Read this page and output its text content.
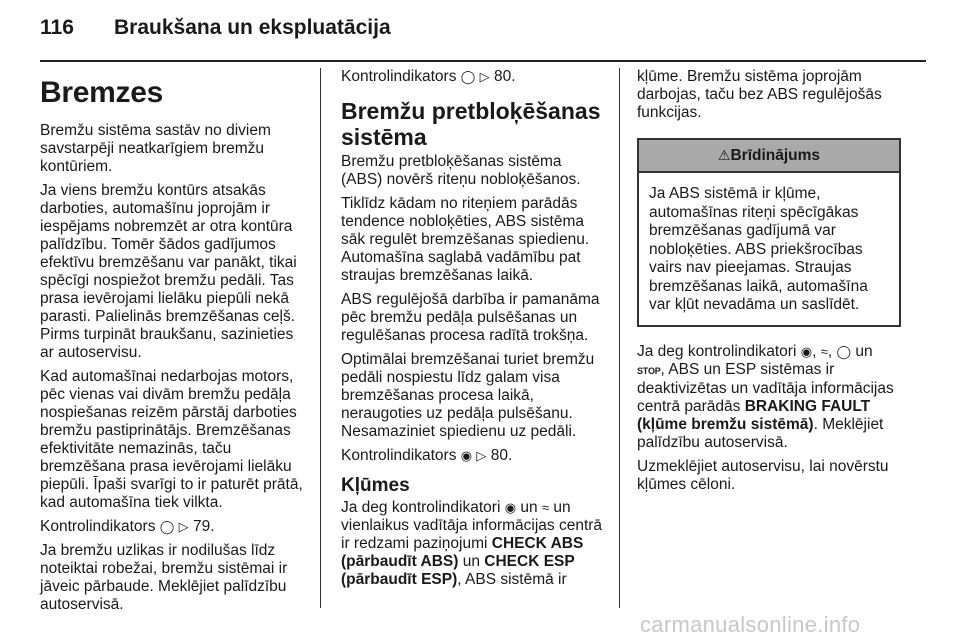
116	Braukšana un ekspluatācija
Bremzes

Bremžu sistēma sastāv no diviem savstarpēji neatkarīgiem bremžu kontūriem.

Ja viens bremžu kontūrs atsakās darboties, automašīnu joprojām ir iespējams nobremzēt ar otra kontūra palīdzību. Tomēr šādos gadījumos efektīvu bremzēšanu var panākt, tikai spēcīgi nospiežot bremžu pedāli. Tas prasa ievērojami lielāku piepūli nekā parasti. Palielinās bremzēšanas ceļš. Pirms turpināt braukšanu, sazinieties ar autoservisu.

Kad automašīnai nedarbojas motors, pēc vienas vai divām bremžu pedāļa nospiešanas reizēm pārstāj darboties bremžu pastiprinātājs. Bremzēšanas efektivitāte nemazinās, taču bremzēšana prasa ievērojami lielāku piepūli. Īpaši svarīgi to ir paturēt prātā, kad automašīna tiek vilkta.

Kontrolindikators ◯ ▷ 79.

Ja bremžu uzlikas ir nodilušas līdz noteiktai robežai, bremžu sistēmai ir jāveic pārbaude. Meklējiet palīdzību autoservisā.

Kontrolindikators ◯ ▷ 80.

Bremžu pretbloķēšanas sistēma

Bremžu pretbloķēšanas sistēma (ABS) novērš riteņu nobloķēšanos.

Tiklīdz kādam no riteņiem parādās tendence nobloķēties, ABS sistēma sāk regulēt bremzēšanas spiedienu. Automašīna saglabā vadāmību pat straujas bremzēšanas laikā.

ABS regulējošā darbība ir pamanāma pēc bremžu pedāļa pulsēšanas un regulēšanas procesa radītā trokšņa.

Optimālai bremzēšanai turiet bremžu pedāli nospiestu līdz galam visa bremzēšanas procesa laikā, neraugoties uz pedāļa pulsēšanu. Nesamaziniet spiedienu uz pedāli.

Kontrolindikators ◉ ▷ 80.

Kļūmes

Ja deg kontrolindikatori ◉ un ≈ un vienlaikus vadītāja informācijas centrā ir redzami paziņojumi CHECK ABS (pārbaudīt ABS) un CHECK ESP (pārbaudīt ESP), ABS sistēmā ir

kļūme. Bremžu sistēma joprojām darbojas, taču bez ABS regulējošās funkcijas.

⚠Brīdinājums
Ja ABS sistēmā ir kļūme, automašīnas riteņi spēcīgākas bremzēšanas gadījumā var nobloķēties. ABS priekšrocības vairs nav pieejamas. Straujas bremzēšanas laikā, automašīna var kļūt nevadāma un saslīdēt.

Ja deg kontrolindikatori ◉, ≈, ◯ un STOP, ABS un ESP sistēmas ir deaktivizētas un vadītāja informācijas centrā parādās BRAKING FAULT (kļūme bremžu sistēmā). Meklējiet palīdzību autoservisā.

Uzmeklējiet autoservisu, lai novērstu kļūmes cēloni.

carmanualsonline.info
